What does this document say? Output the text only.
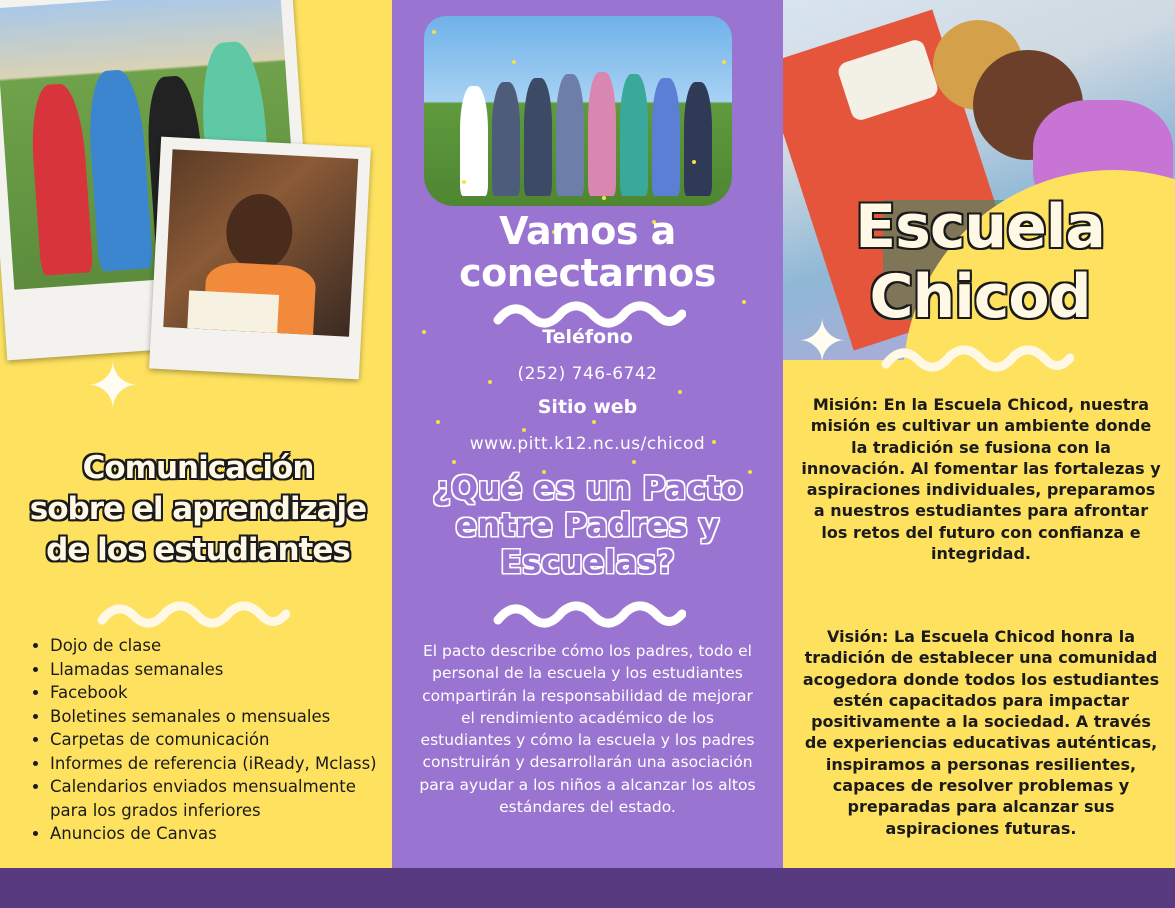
✦
Comunicación
sobre el aprendizaje
de los estudiantes
• Dojo de clase
• Llamadas semanales
• Facebook
• Boletines semanales o mensuales
• Carpetas de comunicación
• Informes de referencia (iReady, Mclass)
• Calendarios enviados mensualmente para los grados inferiores
• Anuncios de Canvas
Vamos a
conectarnos
Teléfono
(252) 746-6742
Sitio web
www.pitt.k12.nc.us/chicod
¿Qué es un Pacto entre Padres y Escuelas?
El pacto describe cómo los padres, todo el personal de la escuela y los estudiantes compartirán la responsabilidad de mejorar el rendimiento académico de los estudiantes y cómo la escuela y los padres construirán y desarrollarán una asociación para ayudar a los niños a alcanzar los altos estándares del estado.
✦
Escuela
Chicod
Misión: En la Escuela Chicod, nuestra misión es cultivar un ambiente donde la tradición se fusiona con la innovación. Al fomentar las fortalezas y aspiraciones individuales, preparamos a nuestros estudiantes para afrontar los retos del futuro con confianza e integridad.
Visión: La Escuela Chicod honra la tradición de establecer una comunidad acogedora donde todos los estudiantes estén capacitados para impactar positivamente a la sociedad. A través de experiencias educativas auténticas, inspiramos a personas resilientes, capaces de resolver problemas y preparadas para alcanzar sus aspiraciones futuras.
